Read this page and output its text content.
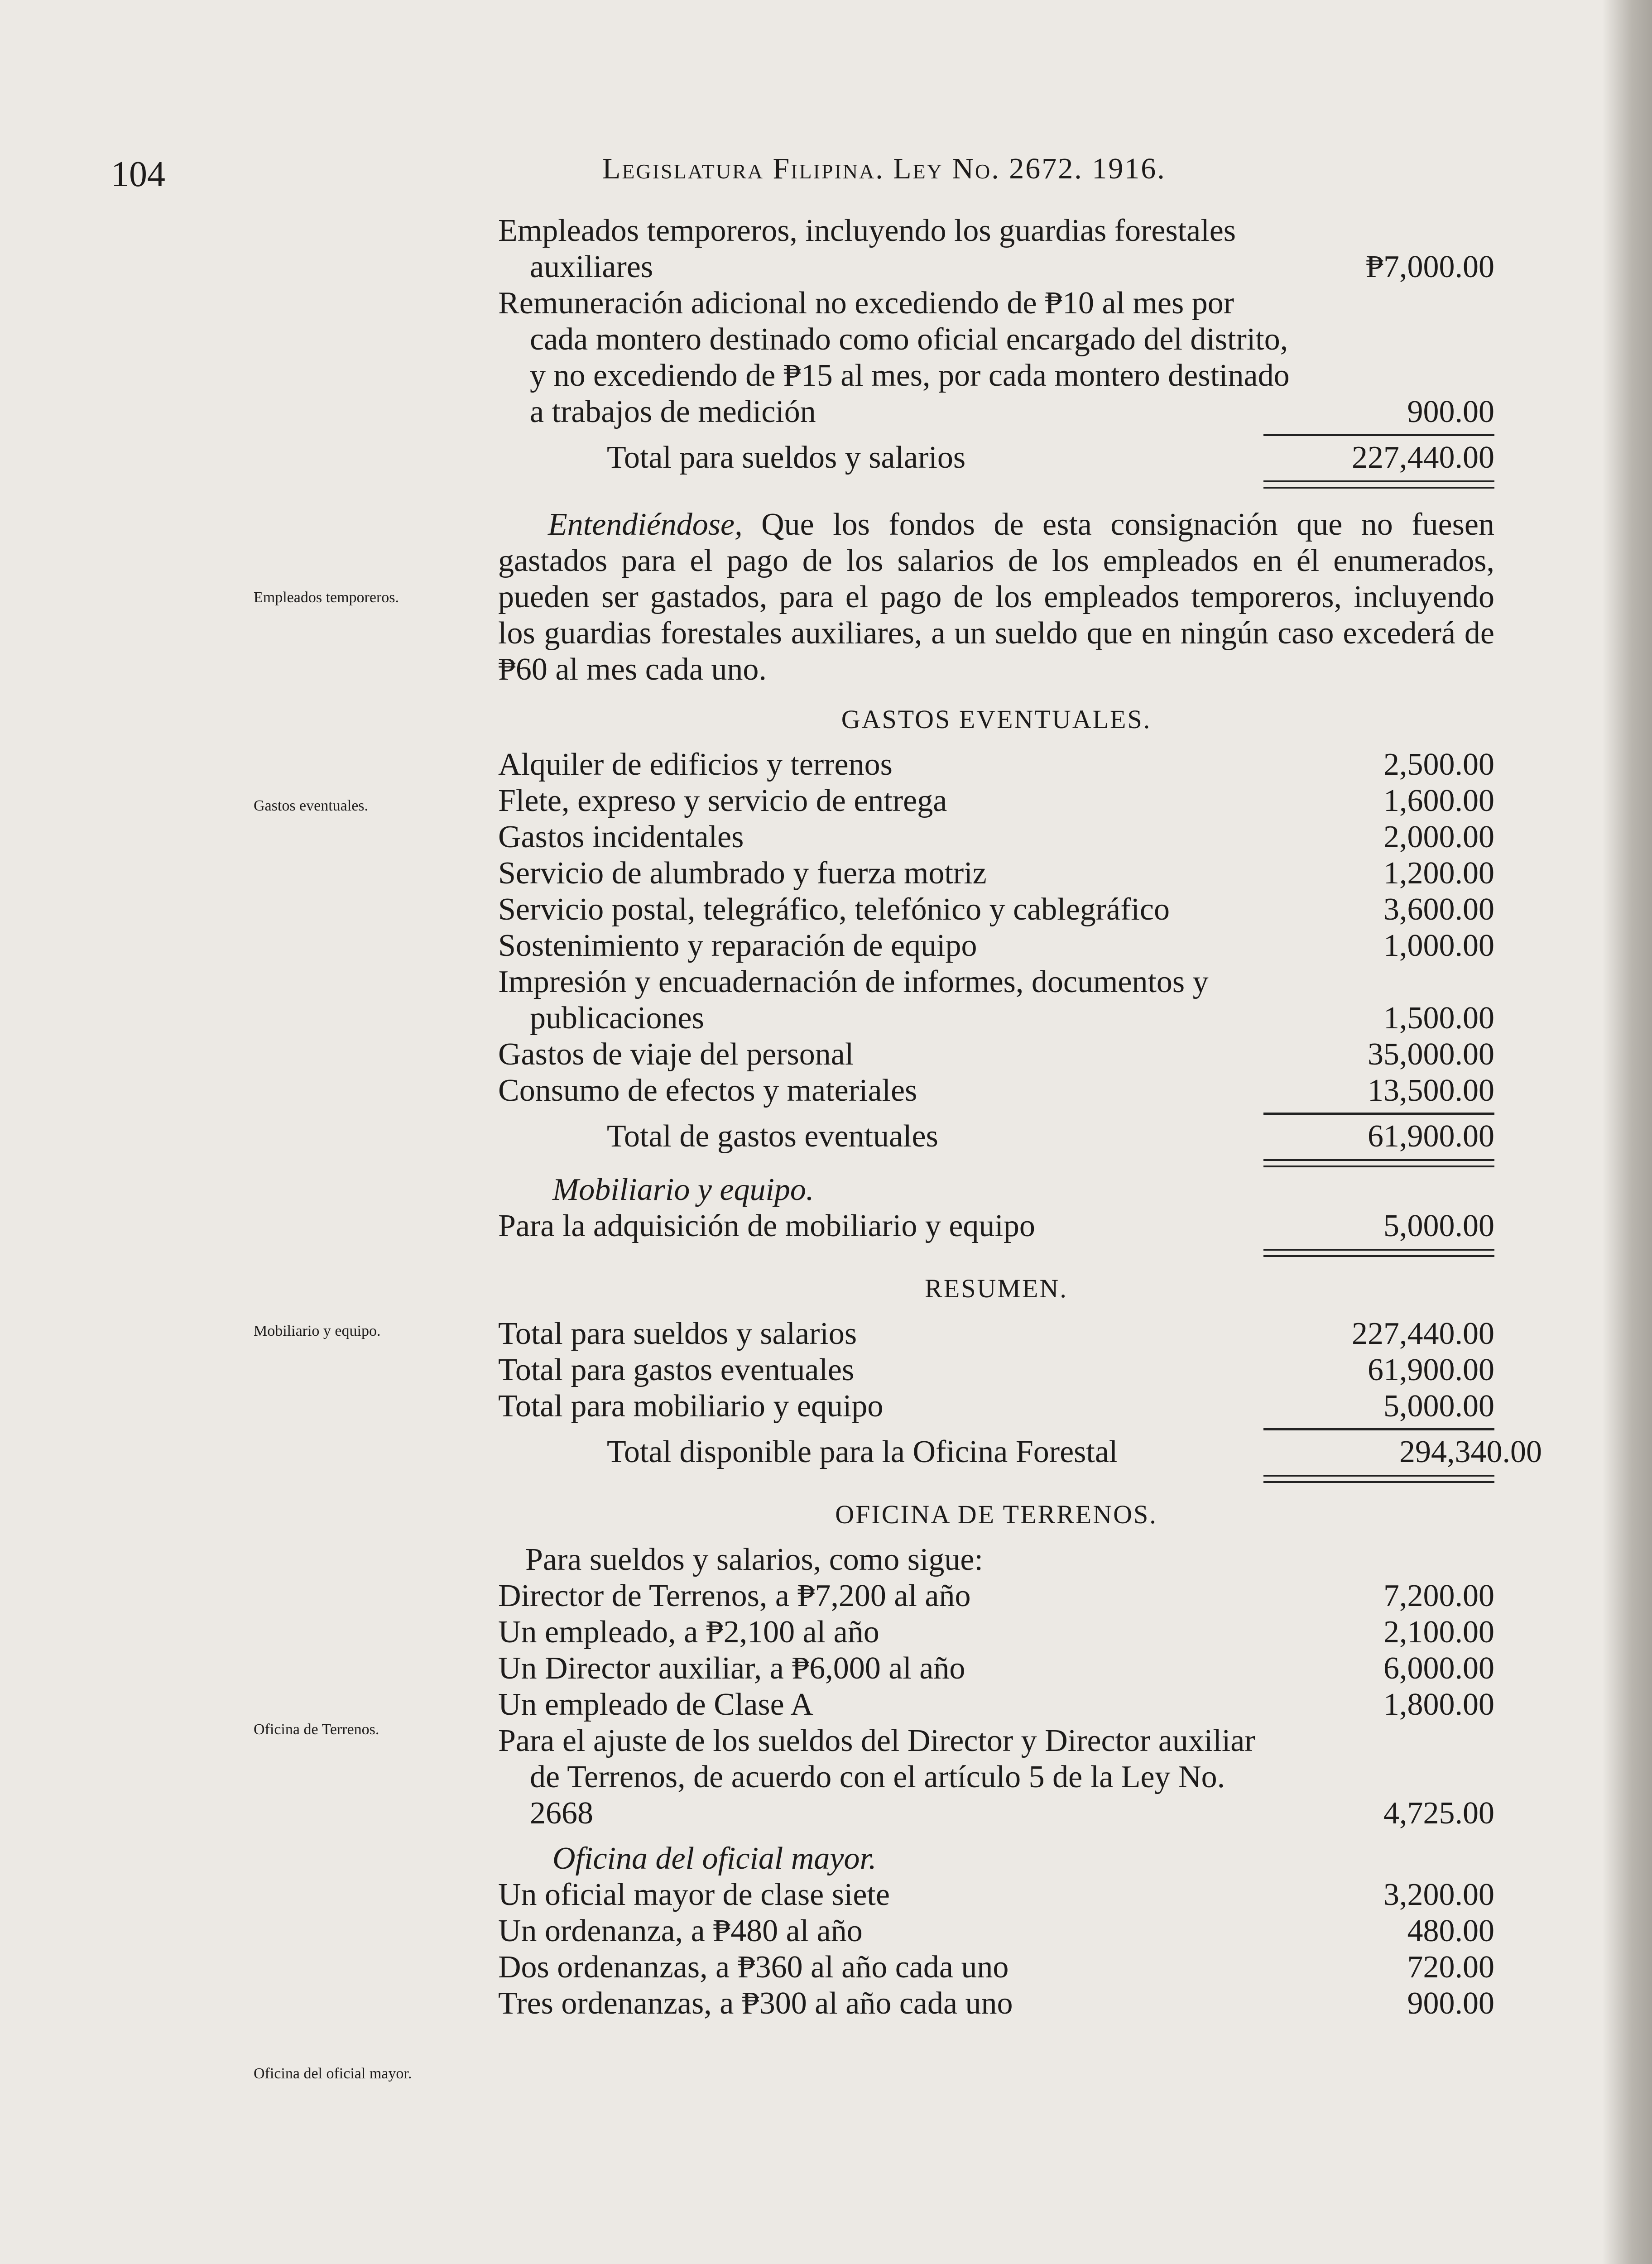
104	Legislatura Filipina. Ley No. 2672. 1916.
Empleados temporeros.
Gastos eventuales.
Mobiliario y equipo.
Oficina de Terrenos.
Oficina del oficial mayor.
Empleados temporeros, incluyendo los guardias forestales auxiliares	₱7,000.00
Remuneración adicional no excediendo de ₱10 al mes por cada montero destinado como oficial encargado del distrito, y no excediendo de ₱15 al mes, por cada montero destinado a trabajos de medición	900.00
Total para sueldos y salarios	227,440.00
Entendiéndose, Que los fondos de esta consignación que no fuesen gastados para el pago de los salarios de los empleados en él enumerados, pueden ser gastados, para el pago de los empleados temporeros, incluyendo los guardias forestales auxiliares, a un sueldo que en ningún caso excederá de ₱60 al mes cada uno.
GASTOS EVENTUALES.
Alquiler de edificios y terrenos	2,500.00
Flete, expreso y servicio de entrega	1,600.00
Gastos incidentales	2,000.00
Servicio de alumbrado y fuerza motriz	1,200.00
Servicio postal, telegráfico, telefónico y cablegráfico	3,600.00
Sostenimiento y reparación de equipo	1,000.00
Impresión y encuadernación de informes, documentos y publicaciones	1,500.00
Gastos de viaje del personal	35,000.00
Consumo de efectos y materiales	13,500.00
Total de gastos eventuales	61,900.00
Mobiliario y equipo.
Para la adquisición de mobiliario y equipo	5,000.00
RESUMEN.
Total para sueldos y salarios	227,440.00
Total para gastos eventuales	61,900.00
Total para mobiliario y equipo	5,000.00
Total disponible para la Oficina Forestal	294,340.00
OFICINA DE TERRENOS.
Para sueldos y salarios, como sigue:
Director de Terrenos, a ₱7,200 al año	7,200.00
Un empleado, a ₱2,100 al año	2,100.00
Un Director auxiliar, a ₱6,000 al año	6,000.00
Un empleado de Clase A	1,800.00
Para el ajuste de los sueldos del Director y Director auxiliar de Terrenos, de acuerdo con el artículo 5 de la Ley No. 2668	4,725.00
Oficina del oficial mayor.
Un oficial mayor de clase siete	3,200.00
Un ordenanza, a ₱480 al año	480.00
Dos ordenanzas, a ₱360 al año cada uno	720.00
Tres ordenanzas, a ₱300 al año cada uno	900.00
